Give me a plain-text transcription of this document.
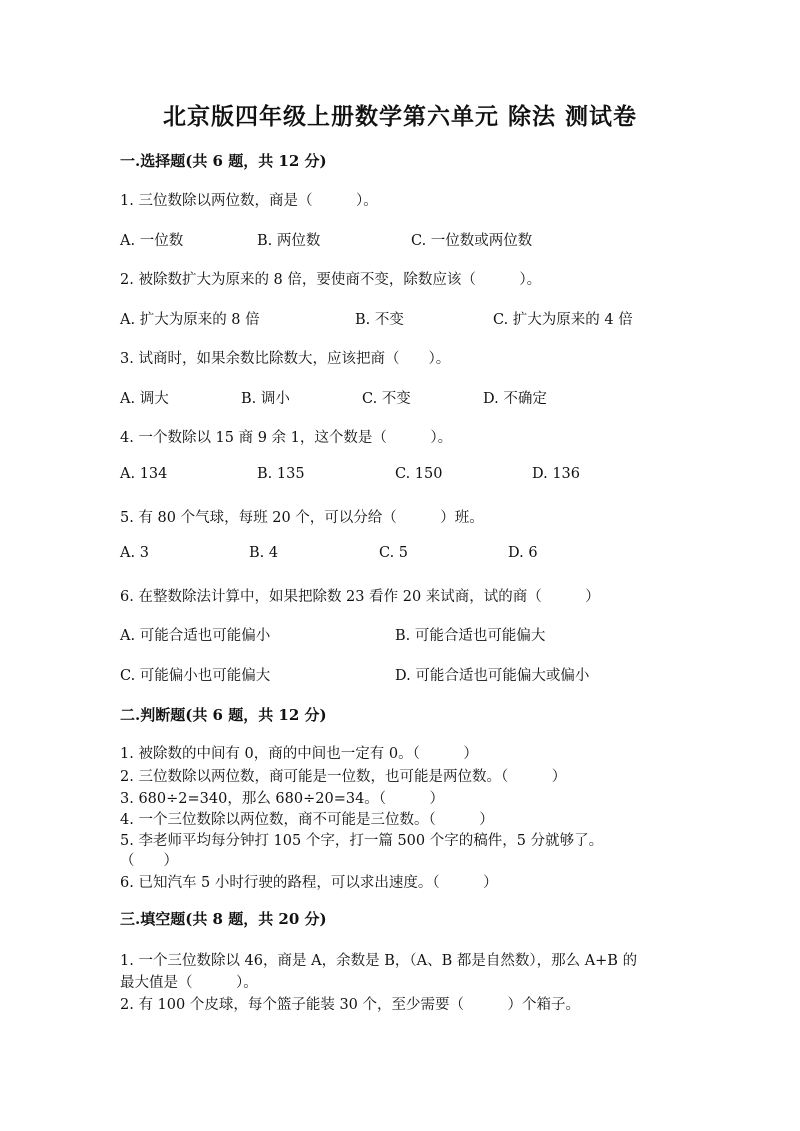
北京版四年级上册数学第六单元 除法 测试卷
一.选择题(共 6 题，共 12 分)
1. 三位数除以两位数，商是（　　　）。
A. 一位数	B. 两位数	C. 一位数或两位数
2. 被除数扩大为原来的 8 倍，要使商不变，除数应该（　　　）。
A. 扩大为原来的 8 倍	B. 不变	C. 扩大为原来的 4 倍
3. 试商时，如果余数比除数大，应该把商（　　）。
A. 调大	B. 调小	C. 不变	D. 不确定
4. 一个数除以 15 商 9 余 1，这个数是（　　　）。
A. 134	B. 135	C. 150	D. 136
5. 有 80 个气球，每班 20 个，可以分给（　　　）班。
A. 3	B. 4	C. 5	D. 6
6. 在整数除法计算中，如果把除数 23 看作 20 来试商，试的商（　　　）
A. 可能合适也可能偏小	B. 可能合适也可能偏大
C. 可能偏小也可能偏大	D. 可能合适也可能偏大或偏小
二.判断题(共 6 题，共 12 分)
1. 被除数的中间有 0，商的中间也一定有 0。（　　　）
2. 三位数除以两位数，商可能是一位数，也可能是两位数。（　　　）
3. 680÷2=340，那么 680÷20=34。（　　　）
4. 一个三位数除以两位数，商不可能是三位数。（　　　）
5. 李老师平均每分钟打 105 个字，打一篇 500 个字的稿件，5 分就够了。
（　　）
6. 已知汽车 5 小时行驶的路程，可以求出速度。（　　　）
三.填空题(共 8 题，共 20 分)
1. 一个三位数除以 46，商是 A，余数是 B，（A、B 都是自然数），那么 A+B 的
最大值是（　　　）。
2. 有 100 个皮球，每个篮子能装 30 个，至少需要（　　　）个箱子。
